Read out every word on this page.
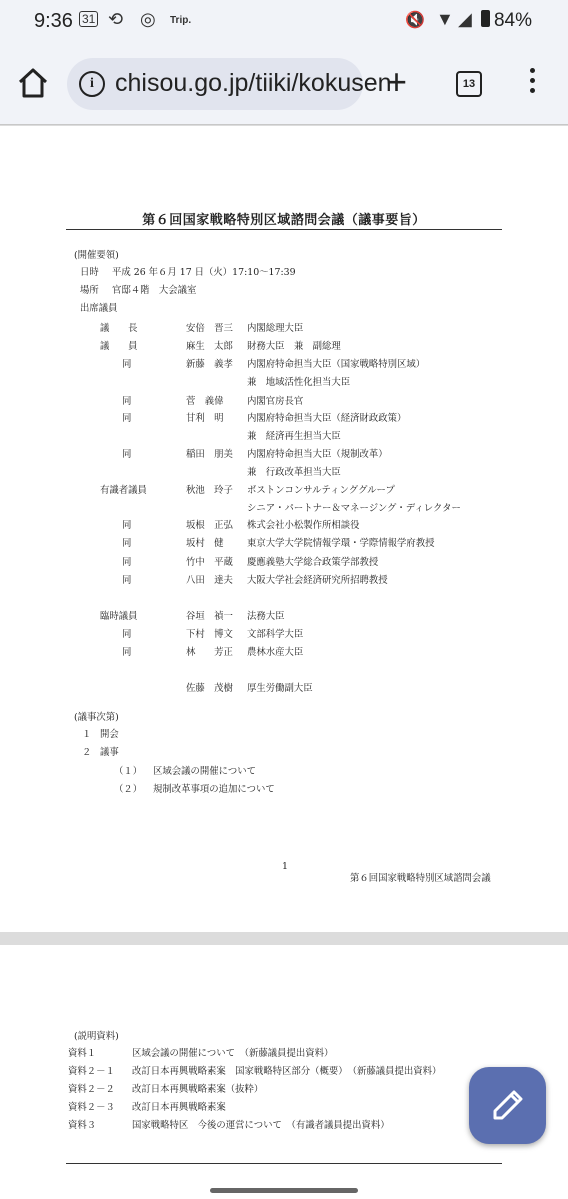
9:36 31 ⟲ ◎ Trip.	🔇 ▼ ◢ 84%
i chisou.go.jp/tiiki/kokusen
+	13
第６回国家戦略特別区域諮問会議（議事要旨）
(開催要領)
日時 平成 26 年６月 17 日（火）17:10～17:39
場所 官邸４階　大会議室
出席議員
議　　長	安倍　晋三 内閣総理大臣
議　　員	麻生　太郎 財務大臣　兼　副総理
同	新藤　義孝 内閣府特命担当大臣（国家戦略特別区域）
兼　地域活性化担当大臣
同	菅　義偉 内閣官房長官
同	甘利　明 内閣府特命担当大臣（経済財政政策）
兼　経済再生担当大臣
同	稲田　朋美 内閣府特命担当大臣（規制改革）
兼　行政改革担当大臣
有識者議員	秋池　玲子 ボストンコンサルティンググループ
シニア・パートナー＆マネージング・ディレクター
同	坂根　正弘 株式会社小松製作所相談役
同	坂村　健 東京大学大学院情報学環・学際情報学府教授
同	竹中　平蔵 慶應義塾大学総合政策学部教授
同	八田　達夫 大阪大学社会経済研究所招聘教授
臨時議員	谷垣　禎一 法務大臣
同	下村　博文 文部科学大臣
同	林　　芳正 農林水産大臣
佐藤　茂樹 厚生労働副大臣
(議事次第)
１ 開会
２ 議事
（１） 区域会議の開催について
（２） 規制改革事項の追加について
1
第６回国家戦略特別区域諮問会議
(説明資料)
資料１	区域会議の開催について　（新藤議員提出資料）
資料２－１ 改訂日本再興戦略素案　国家戦略特区部分（概要）　（新藤議員提出資料）
資料２－２ 改訂日本再興戦略素案（抜粋）
資料２－３ 改訂日本再興戦略素案
資料３	国家戦略特区　今後の運営について　（有識者議員提出資料）
